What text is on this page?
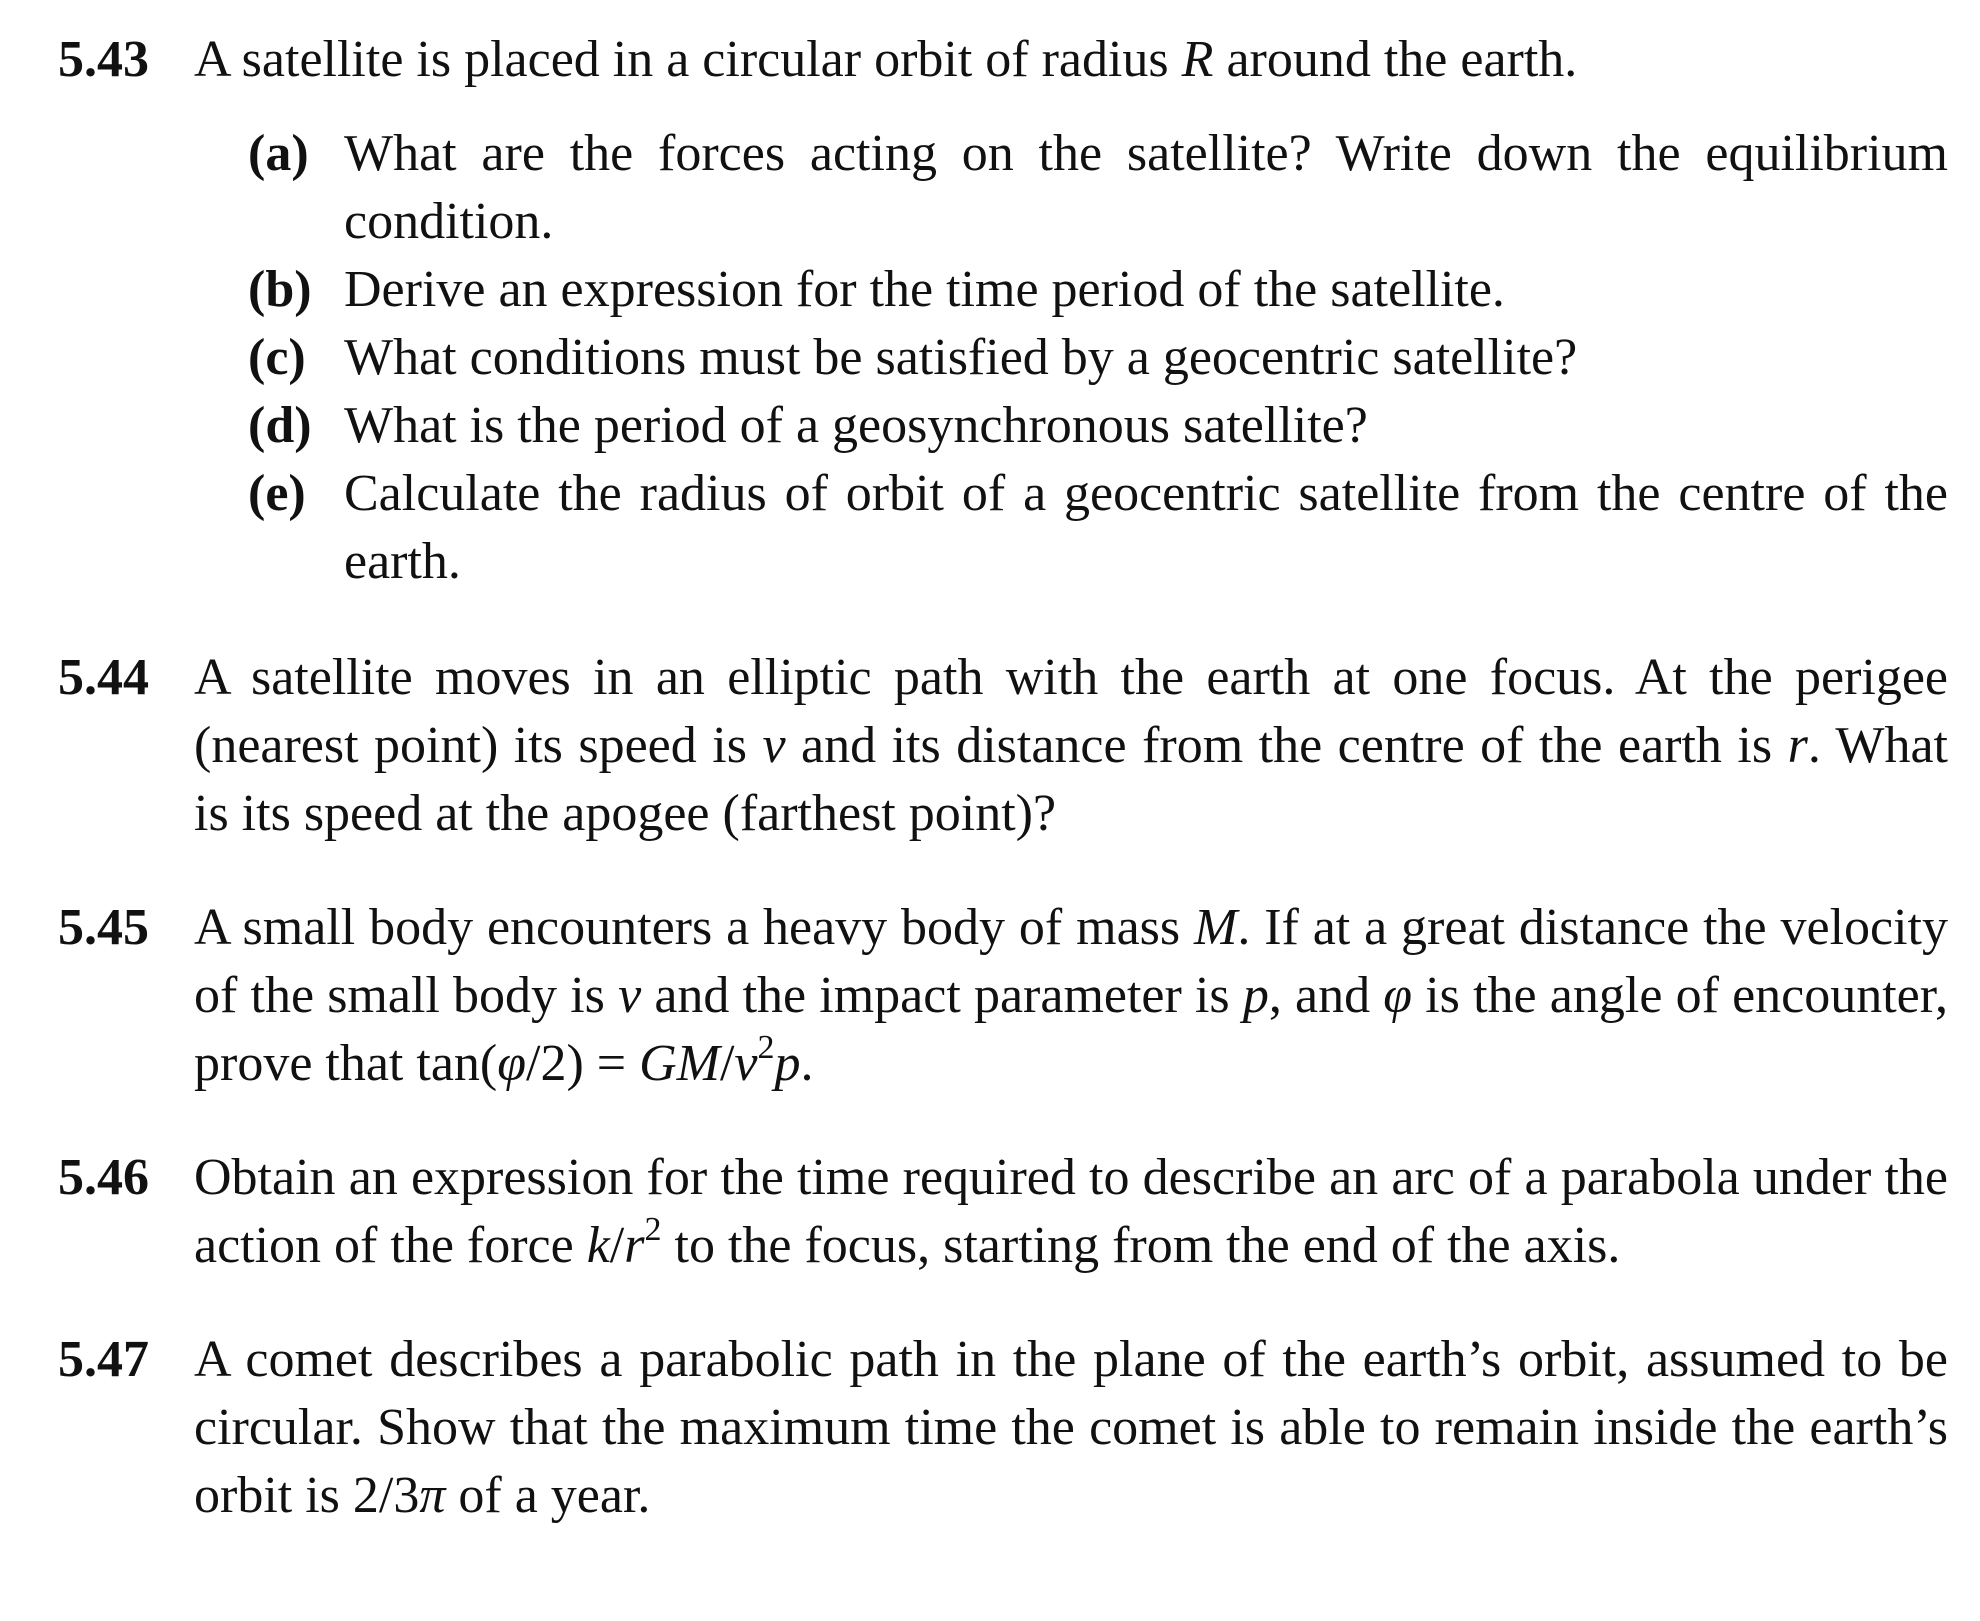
5.43 A satellite is placed in a circular orbit of radius R around the earth.
(a) What are the forces acting on the satellite? Write down the equilibrium condition.
(b) Derive an expression for the time period of the satellite.
(c) What conditions must be satisfied by a geocentric satellite?
(d) What is the period of a geosynchronous satellite?
(e) Calculate the radius of orbit of a geocentric satellite from the centre of the earth.
5.44 A satellite moves in an elliptic path with the earth at one focus. At the perigee (nearest point) its speed is v and its distance from the centre of the earth is r. What is its speed at the apogee (farthest point)?
5.45 A small body encounters a heavy body of mass M. If at a great distance the velocity of the small body is v and the impact parameter is p, and φ is the angle of encounter, prove that $\tan(\varphi/2) = GM/v^2p$.
5.46 Obtain an expression for the time required to describe an arc of a parabola under the action of the force $k/r^2$ to the focus, starting from the end of the axis.
5.47 A comet describes a parabolic path in the plane of the earth’s orbit, assumed to be circular. Show that the maximum time the comet is able to remain inside the earth’s orbit is 2/3π of a year.
